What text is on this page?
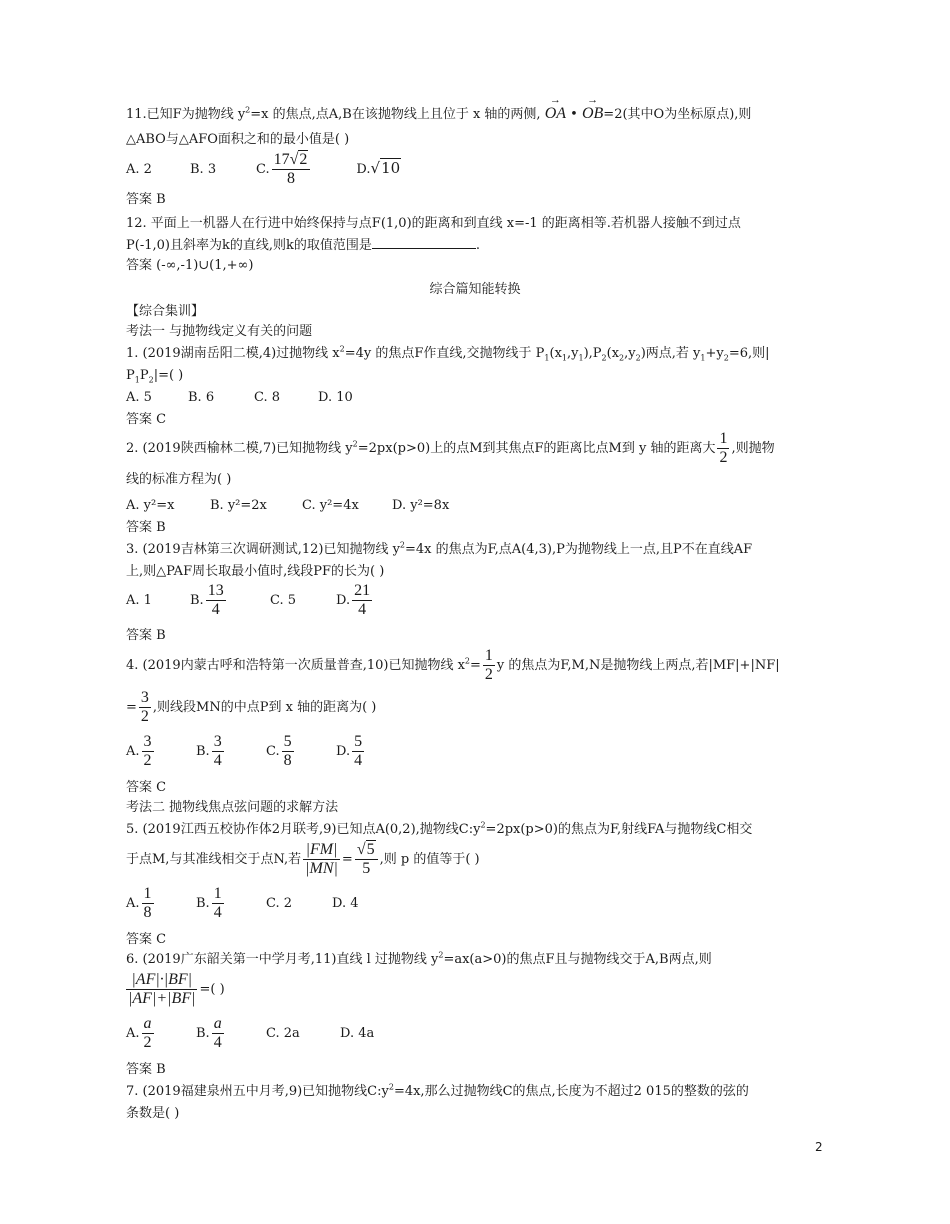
11.已知F为抛物线 $y^2=x$ 的焦点,点A,B在该抛物线上且位于 x 轴的两侧,
→
OA •
→
OB=2(其中O为坐标原点),则
△ABO与△AFO面积之和的最小值是( )
A. 2	B. 3	C. $\frac{17√2}{8}$	D.√10
答案 B
12. 平面上一机器人在行进中始终保持与点F(1,0)的距离和到直线 x=-1 的距离相等.若机器人接触不到过点
P(-1,0)且斜率为k的直线,则k的取值范围是	.
答案 (-∞,-1)∪(1,+∞)
综合篇知能转换
【综合集训】
考法一 与抛物线定义有关的问题
1. (2019湖南岳阳二模,4)过抛物线 $x^2=4y$ 的焦点F作直线,交抛物线于 $P_1(x_1,y_1),P_2(x_2,y_2)$两点,若 $y_1+y_2=6$,则|
$P_1P_2|=$( )
A. 5	B. 6	C. 8	D. 10
答案 C
2. (2019陕西榆林二模,7)已知抛物线 $y^2=2px(p>0)$上的点M到其焦点F的距离比点M到 y 轴的距离大 $\frac{1}{2}$ ,则抛物
线的标准方程为( )
A. y²=x	B. y²=2x	C. y²=4x	D. y²=8x
答案 B
3. (2019吉林第三次调研测试,12)已知抛物线 $y^2=4x$ 的焦点为F,点A(4,3),P为抛物线上一点,且P不在直线AF
上,则△PAF周长取最小值时,线段PF的长为( )
A. 1	B. $\frac{13}{4}$	C. 5	D. $\frac{21}{4}$
答案 B
4. (2019内蒙古呼和浩特第一次质量普查,10)已知抛物线 $x^2= \frac{1}{2}$ y 的焦点为F,M,N是抛物线上两点,若|MF|+|NF|
= $\frac{3}{2}$ ,则线段MN的中点P到 x 轴的距离为( )
A. $\frac{3}{2}$	B. $\frac{3}{4}$	C. $\frac{5}{8}$	D. $\frac{5}{4}$
答案 C
考法二 抛物线焦点弦问题的求解方法
5. (2019江西五校协作体2月联考,9)已知点A(0,2),抛物线$C:y^2=2px(p>0)$的焦点为F,射线FA与抛物线C相交
于点M,与其准线相交于点N,若 $\frac{|FM|}{|MN|} = \frac{√5}{5}$ ,则 p 的值等于( )
A. $\frac{1}{8}$	B. $\frac{1}{4}$	C. 2	D. 4
答案 C
6. (2019广东韶关第一中学月考,11)直线 l 过抛物线 $y^2=ax(a>0)$的焦点F且与抛物线交于A,B两点,则
$\frac{|AF|\cdot|BF|}{|AF|+|BF|}$ =( )
A. $\frac{a}{2}$	B. $\frac{a}{4}$	C. 2a	D. 4a
答案 B
7. (2019福建泉州五中月考,9)已知抛物线$C:y^2=4x$,那么过抛物线C的焦点,长度为不超过2 015的整数的弦的
条数是( )
2
